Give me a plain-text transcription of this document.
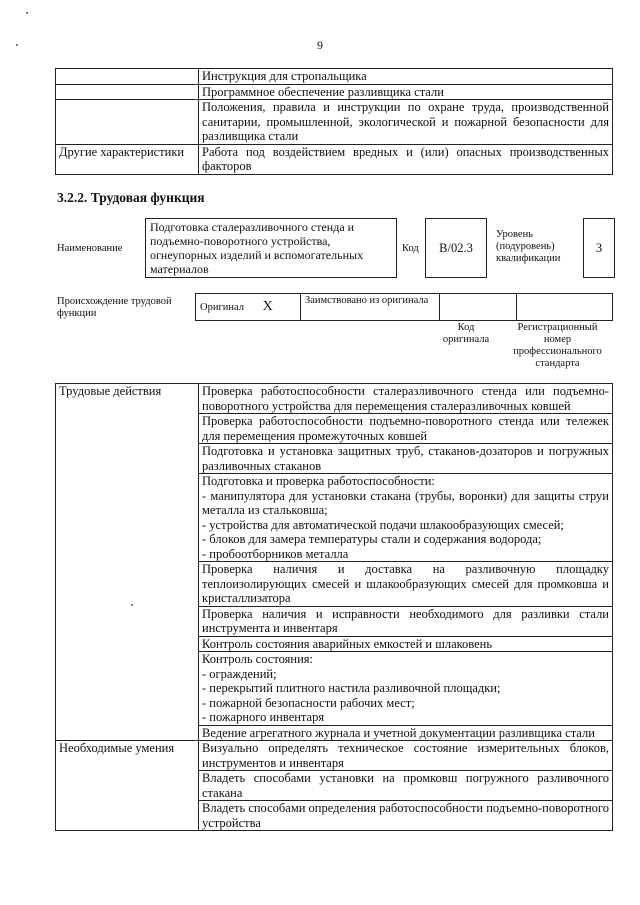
9
	Инструкция для стропальщика
	Программное обеспечение разливщика стали
	Положения, правила и инструкции по охране труда, производственной санитарии, промышленной, экологической и пожарной безопасности для разливщика стали
Другие характеристики	Работа под воздействием вредных и (или) опасных производственных факторов
3.2.2. Трудовая функция
Наименование
Подготовка сталеразливочного стенда и подъемно-поворотного устройства, огнеупорных изделий и вспомогательных материалов
Код	B/02.3
Уровень (подуровень) квалификации
3
Происхождение трудовой функции
Оригинал X	Заимствовано из оригинала		
Код оригинала
Регистрационный номер профессионального стандарта
Трудовые действия	Проверка работоспособности сталеразливочного стенда или подъемно-поворотного устройства для перемещения сталеразливочных ковшей

	Проверка работоспособности подъемно-поворотного стенда или тележек для перемещения промежуточных ковшей

	Подготовка и установка защитных труб, стаканов-дозаторов и погружных разливочных стаканов

	Подготовка и проверка работоспособности:
- манипулятора для установки стакана (трубы, воронки) для защиты струи металла из стальковша;
- устройства для автоматической подачи шлакообразующих смесей;
- блоков для замера температуры стали и содержания водорода;
- пробоотборников металла

	Проверка наличия и доставка на разливочную площадку теплоизолирующих смесей и шлакообразующих смесей для промковша и кристаллизатора

	Проверка наличия и исправности необходимого для разливки стали инструмента и инвентаря

	Контроль состояния аварийных емкостей и шлаковень

	Контроль состояния:
- ограждений;
- перекрытий плитного настила разливочной площадки;
- пожарной безопасности рабочих мест;
- пожарного инвентаря

	Ведение агрегатного журнала и учетной документации разливщика стали

Необходимые умения	Визуально определять техническое состояние измерительных блоков, инструментов и инвентаря

	Владеть способами установки на промковш погружного разливочного стакана

	Владеть способами определения работоспособности подъемно-поворотного устройства
